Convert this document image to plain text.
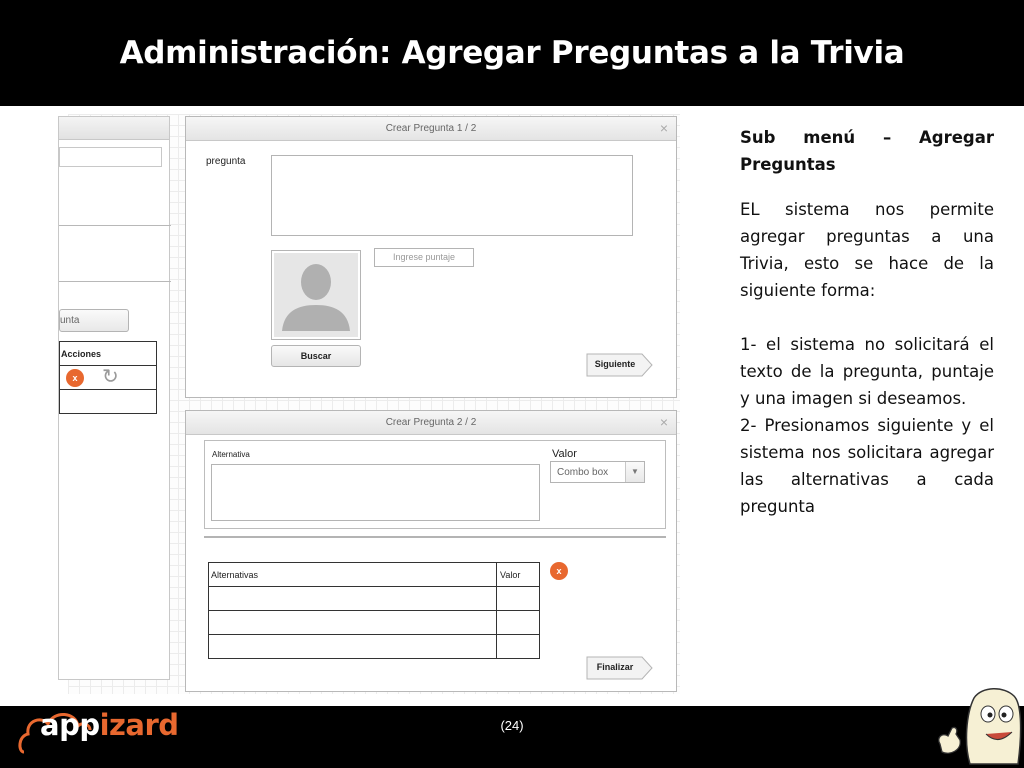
Administración: Agregar Preguntas a la Trivia
unta
Acciones
x	↻
Crear Pregunta 1 / 2	×
pregunta
Ingrese puntaje
Buscar
Siguiente
Crear Pregunta 2 / 2	×
Alternativa	Valor
Combo box	▼
x
Alternativas	Valor
Finalizar

Sub menú – Agregar Preguntas

EL sistema nos permite agregar preguntas a una Trivia, esto se hace de la siguiente forma:

1- el sistema no solicitará el texto de la pregunta, puntaje y una imagen si deseamos.

2- Presionamos siguiente y el sistema nos solicitara agregar las alternativas a cada pregunta

appizard	(24)
